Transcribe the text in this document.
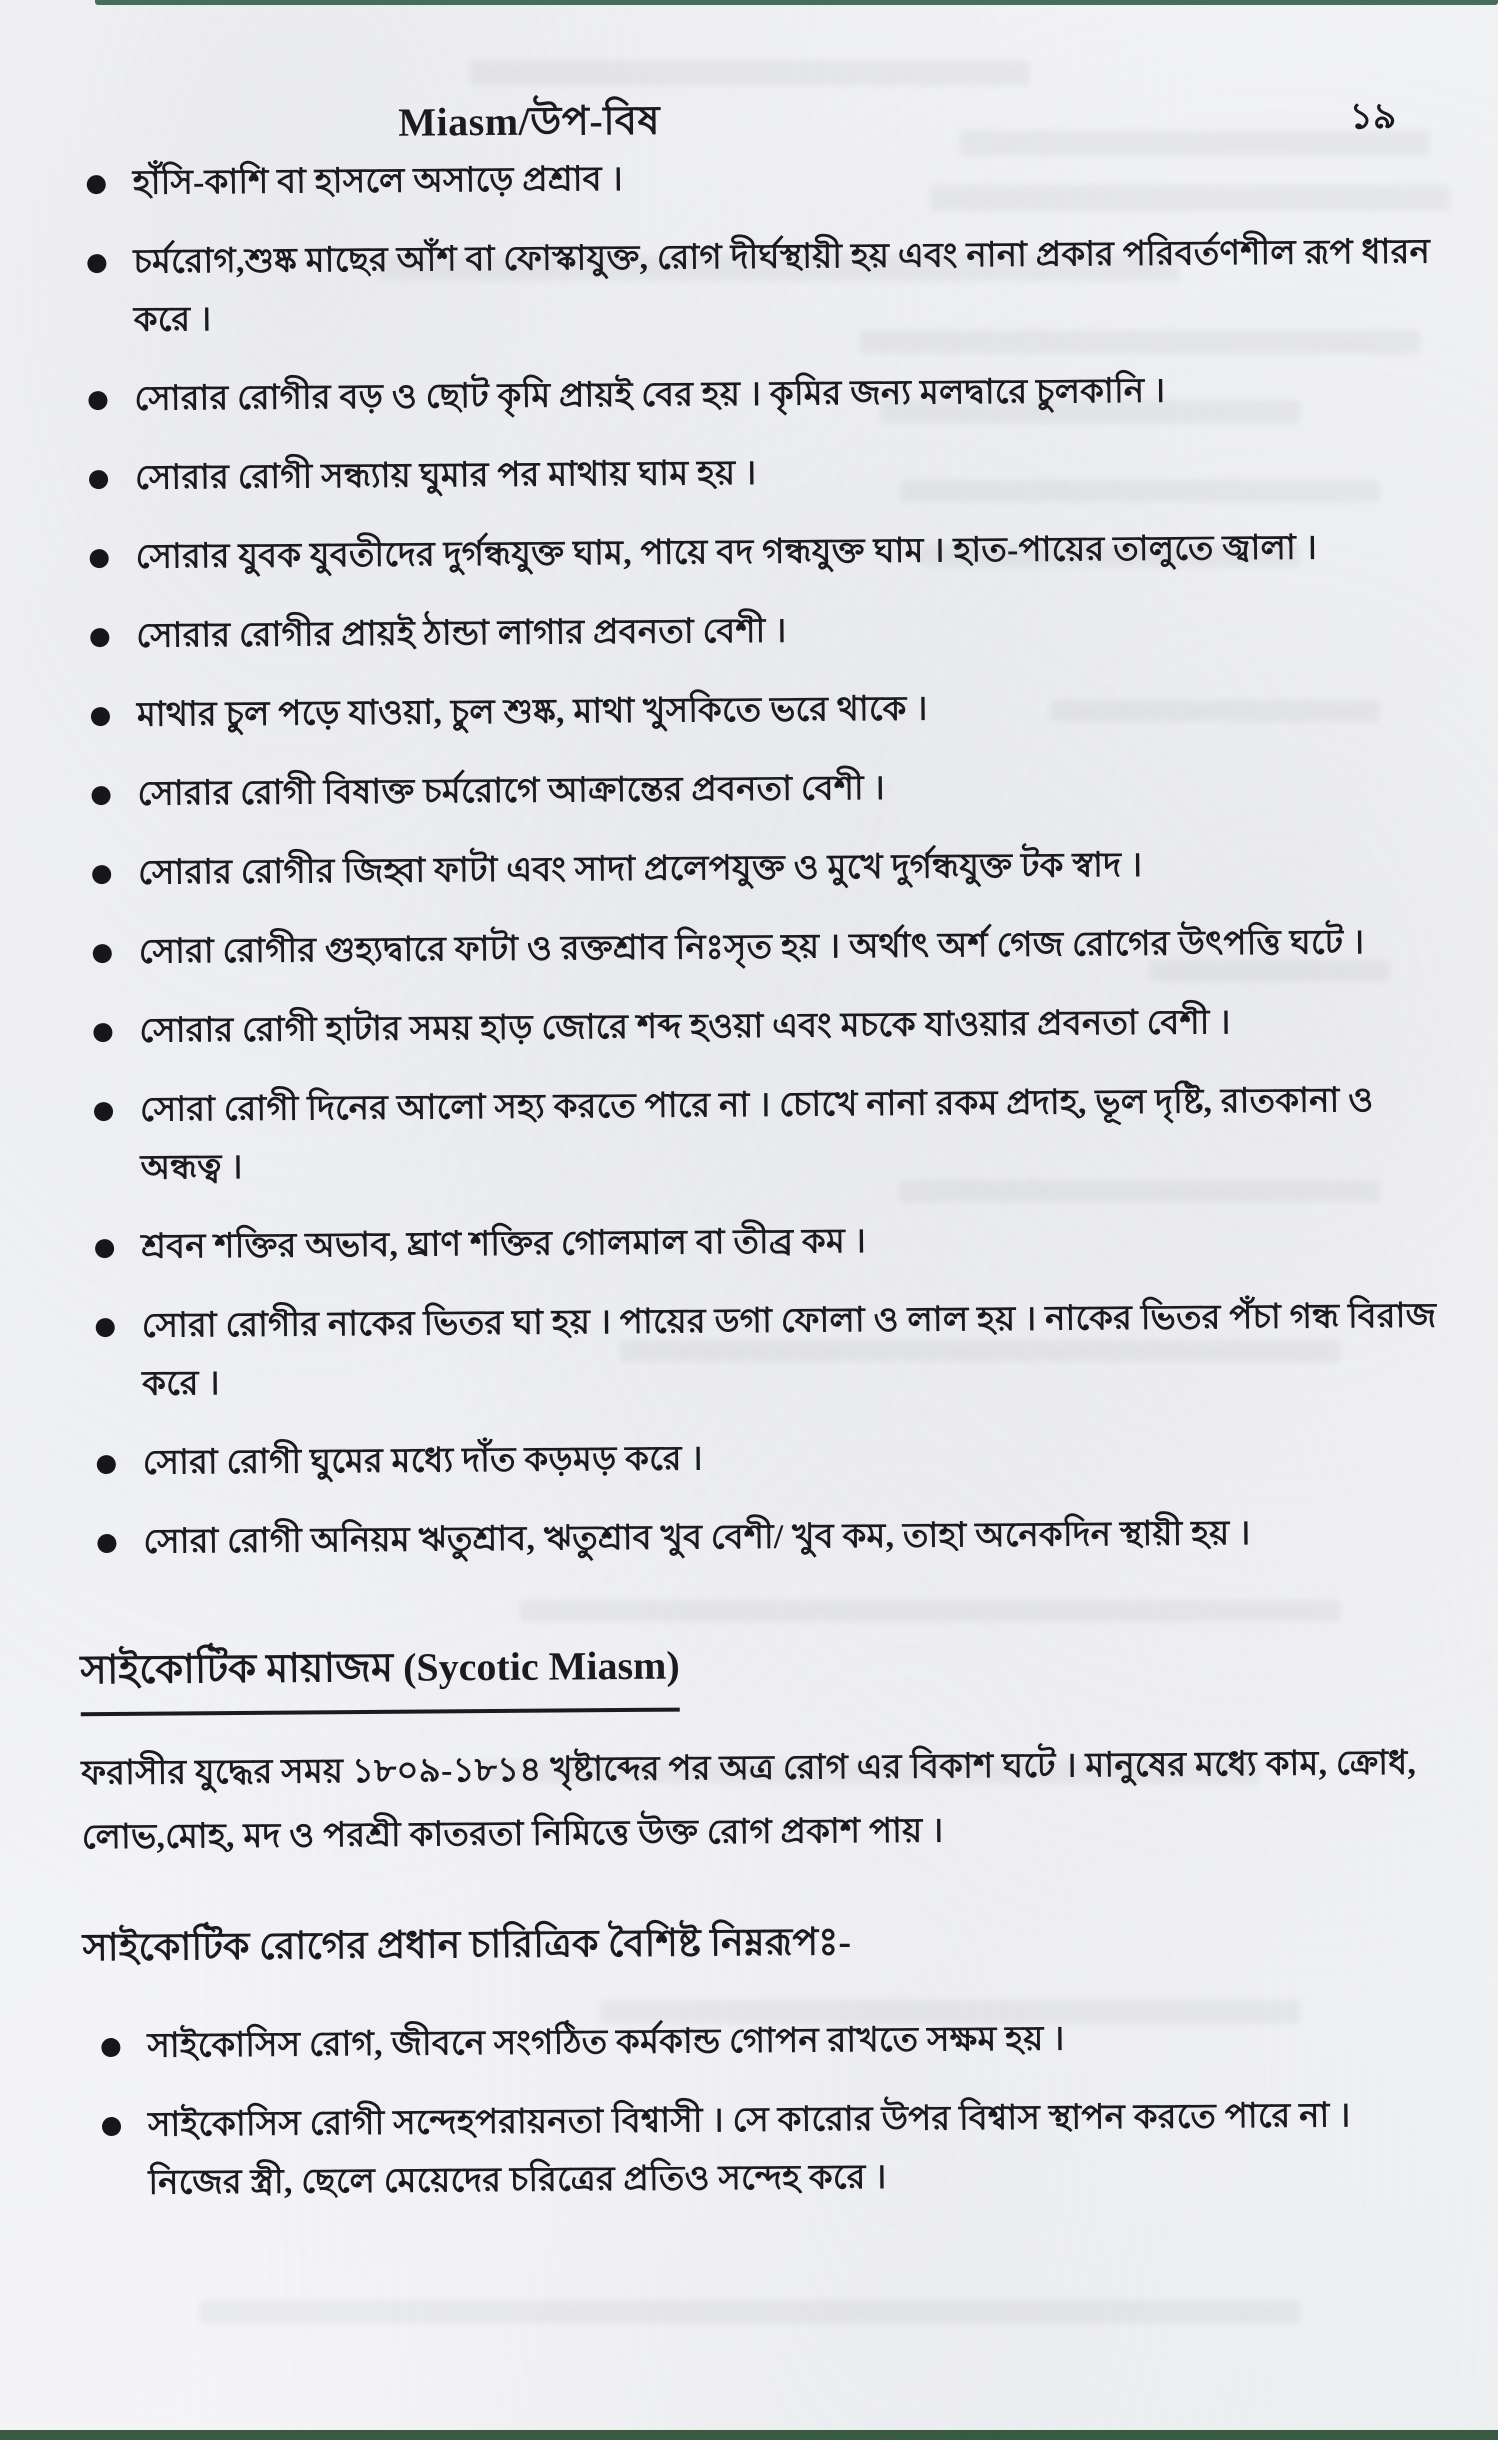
Miasm/উপ-বিষ	১৯
হাঁসি-কাশি বা হাসলে অসাড়ে প্রশ্রাব ।
চর্মরোগ,শুষ্ক মাছের আঁশ বা ফোস্কাযুক্ত, রোগ দীর্ঘস্থায়ী হয় এবং নানা প্রকার পরিবর্তণশীল রূপ ধারন করে ।
সোরার রোগীর বড় ও ছোট কৃমি প্রায়ই বের হয় । কৃমির জন্য মলদ্বারে চুলকানি ।
সোরার রোগী সন্ধ্যায় ঘুমার পর মাথায় ঘাম হয় ।
সোরার যুবক যুবতীদের দুর্গন্ধযুক্ত ঘাম, পায়ে বদ গন্ধযুক্ত ঘাম । হাত-পায়ের তালুতে জ্বালা ।
সোরার রোগীর প্রায়ই ঠান্ডা লাগার প্রবনতা বেশী ।
মাথার চুল পড়ে যাওয়া, চুল শুষ্ক, মাথা খুসকিতে ভরে থাকে ।
সোরার রোগী বিষাক্ত চর্মরোগে আক্রান্তের প্রবনতা বেশী ।
সোরার রোগীর জিহ্বা ফাটা এবং সাদা প্রলেপযুক্ত ও মুখে দুর্গন্ধযুক্ত টক স্বাদ ।
সোরা রোগীর গুহ্যদ্বারে ফাটা ও রক্তশ্রাব নিঃসৃত হয় । অর্থাৎ অর্শ গেজ রোগের উৎপত্তি ঘটে ।
সোরার রোগী হাটার সময় হাড় জোরে শব্দ হওয়া এবং মচকে যাওয়ার প্রবনতা বেশী ।
সোরা রোগী দিনের আলো সহ্য করতে পারে না । চোখে নানা রকম প্রদাহ, ভূল দৃষ্টি, রাতকানা ও অন্ধত্ব ।
শ্রবন শক্তির অভাব, ঘ্রাণ শক্তির গোলমাল বা তীব্র কম ।
সোরা রোগীর নাকের ভিতর ঘা হয় । পায়ের ডগা ফোলা ও লাল হয় । নাকের ভিতর পঁচা গন্ধ বিরাজ করে ।
সোরা রোগী ঘুমের মধ্যে দাঁত কড়মড় করে ।
সোরা রোগী অনিয়ম ঋতুশ্রাব, ঋতুশ্রাব খুব বেশী/ খুব কম, তাহা অনেকদিন স্থায়ী হয় ।
সাইকোটিক মায়াজম (Sycotic Miasm)
ফরাসীর যুদ্ধের সময় ১৮০৯-১৮১৪ খৃষ্টাব্দের পর অত্র রোগ এর বিকাশ ঘটে । মানুষের মধ্যে কাম, ক্রোধ, লোভ,মোহ, মদ ও পরশ্রী কাতরতা নিমিত্তে উক্ত রোগ প্রকাশ পায় ।
সাইকোটিক রোগের প্রধান চারিত্রিক বৈশিষ্ট নিম্নরূপঃ-
সাইকোসিস রোগ, জীবনে সংগঠিত কর্মকান্ড গোপন রাখতে সক্ষম হয় ।
সাইকোসিস রোগী সন্দেহপরায়নতা বিশ্বাসী । সে কারোর উপর বিশ্বাস স্থাপন করতে পারে না । নিজের স্ত্রী, ছেলে মেয়েদের চরিত্রের প্রতিও সন্দেহ করে ।
